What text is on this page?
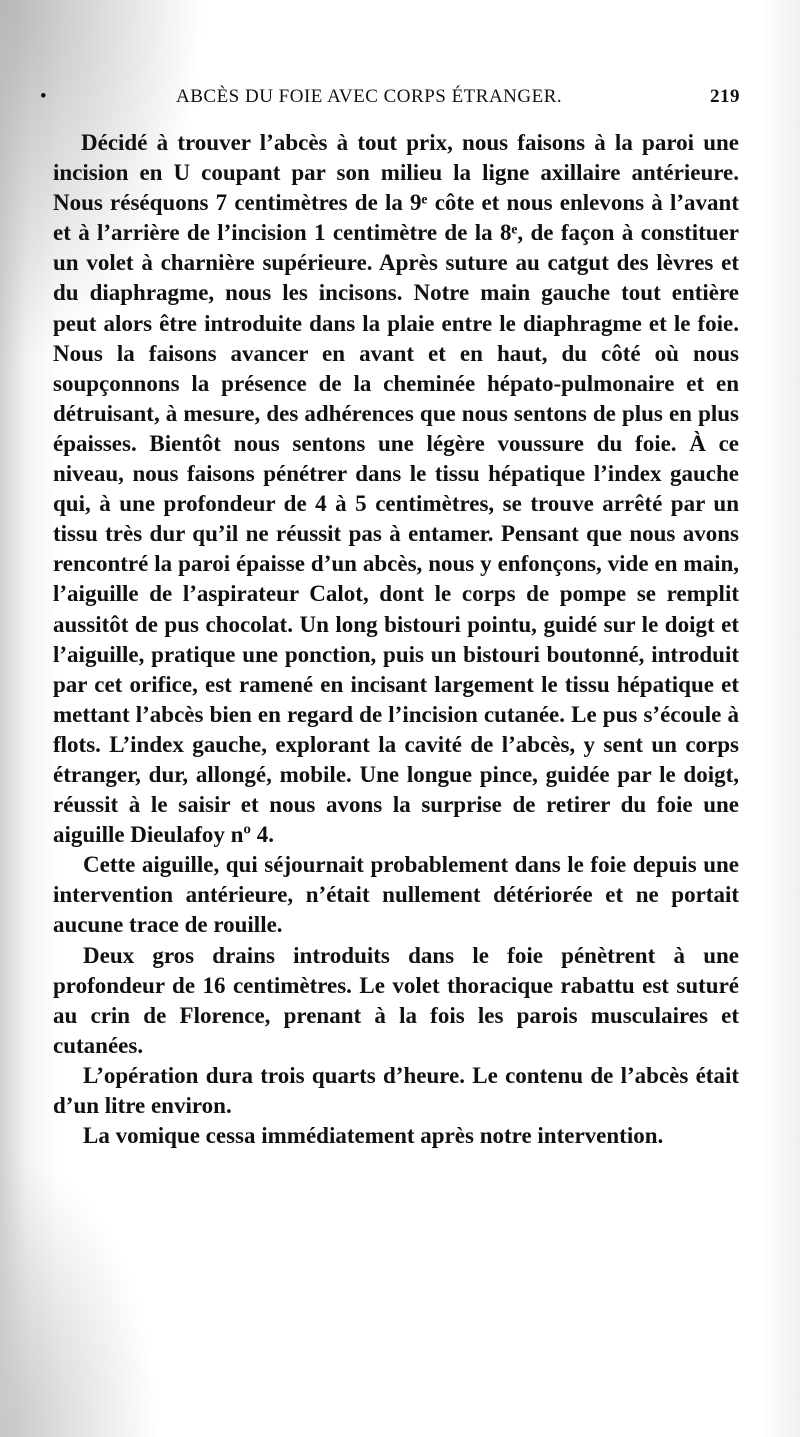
•	ABCÈS DU FOIE AVEC CORPS ÉTRANGER.	219

Décidé à trouver l’abcès à tout prix, nous faisons à la paroi une incision en U coupant par son milieu la ligne axillaire antérieure. Nous réséquons 7 centimètres de la 9ᵉ côte et nous enlevons à l’avant et à l’arrière de l’incision 1 centimètre de la 8ᵉ, de façon à constituer un volet à charnière supérieure. Après suture au catgut des lèvres et du diaphragme, nous les incisons. Notre main gauche tout entière peut alors être introduite dans la plaie entre le diaphragme et le foie. Nous la faisons avancer en avant et en haut, du côté où nous soupçonnons la présence de la cheminée hépato-pulmonaire et en détruisant, à mesure, des adhérences que nous sentons de plus en plus épaisses. Bientôt nous sentons une légère voussure du foie. À ce niveau, nous faisons pénétrer dans le tissu hépatique l’index gauche qui, à une profondeur de 4 à 5 centimètres, se trouve arrêté par un tissu très dur qu’il ne réussit pas à entamer. Pensant que nous avons rencontré la paroi épaisse d’un abcès, nous y enfonçons, vide en main, l’aiguille de l’aspirateur Calot, dont le corps de pompe se remplit aussitôt de pus chocolat. Un long bistouri pointu, guidé sur le doigt et l’aiguille, pratique une ponction, puis un bistouri boutonné, introduit par cet orifice, est ramené en incisant largement le tissu hépatique et mettant l’abcès bien en regard de l’incision cutanée. Le pus s’écoule à flots. L’index gauche, explorant la cavité de l’abcès, y sent un corps étranger, dur, allongé, mobile. Une longue pince, guidée par le doigt, réussit à le saisir et nous avons la surprise de retirer du foie une aiguille Dieulafoy nº 4.

Cette aiguille, qui séjournait probablement dans le foie depuis une intervention antérieure, n’était nullement détériorée et ne portait aucune trace de rouille.

Deux gros drains introduits dans le foie pénètrent à une profondeur de 16 centimètres. Le volet thoracique rabattu est suturé au crin de Florence, prenant à la fois les parois musculaires et cutanées.

L’opération dura trois quarts d’heure. Le contenu de l’abcès était d’un litre environ.

La vomique cessa immédiatement après notre intervention.
